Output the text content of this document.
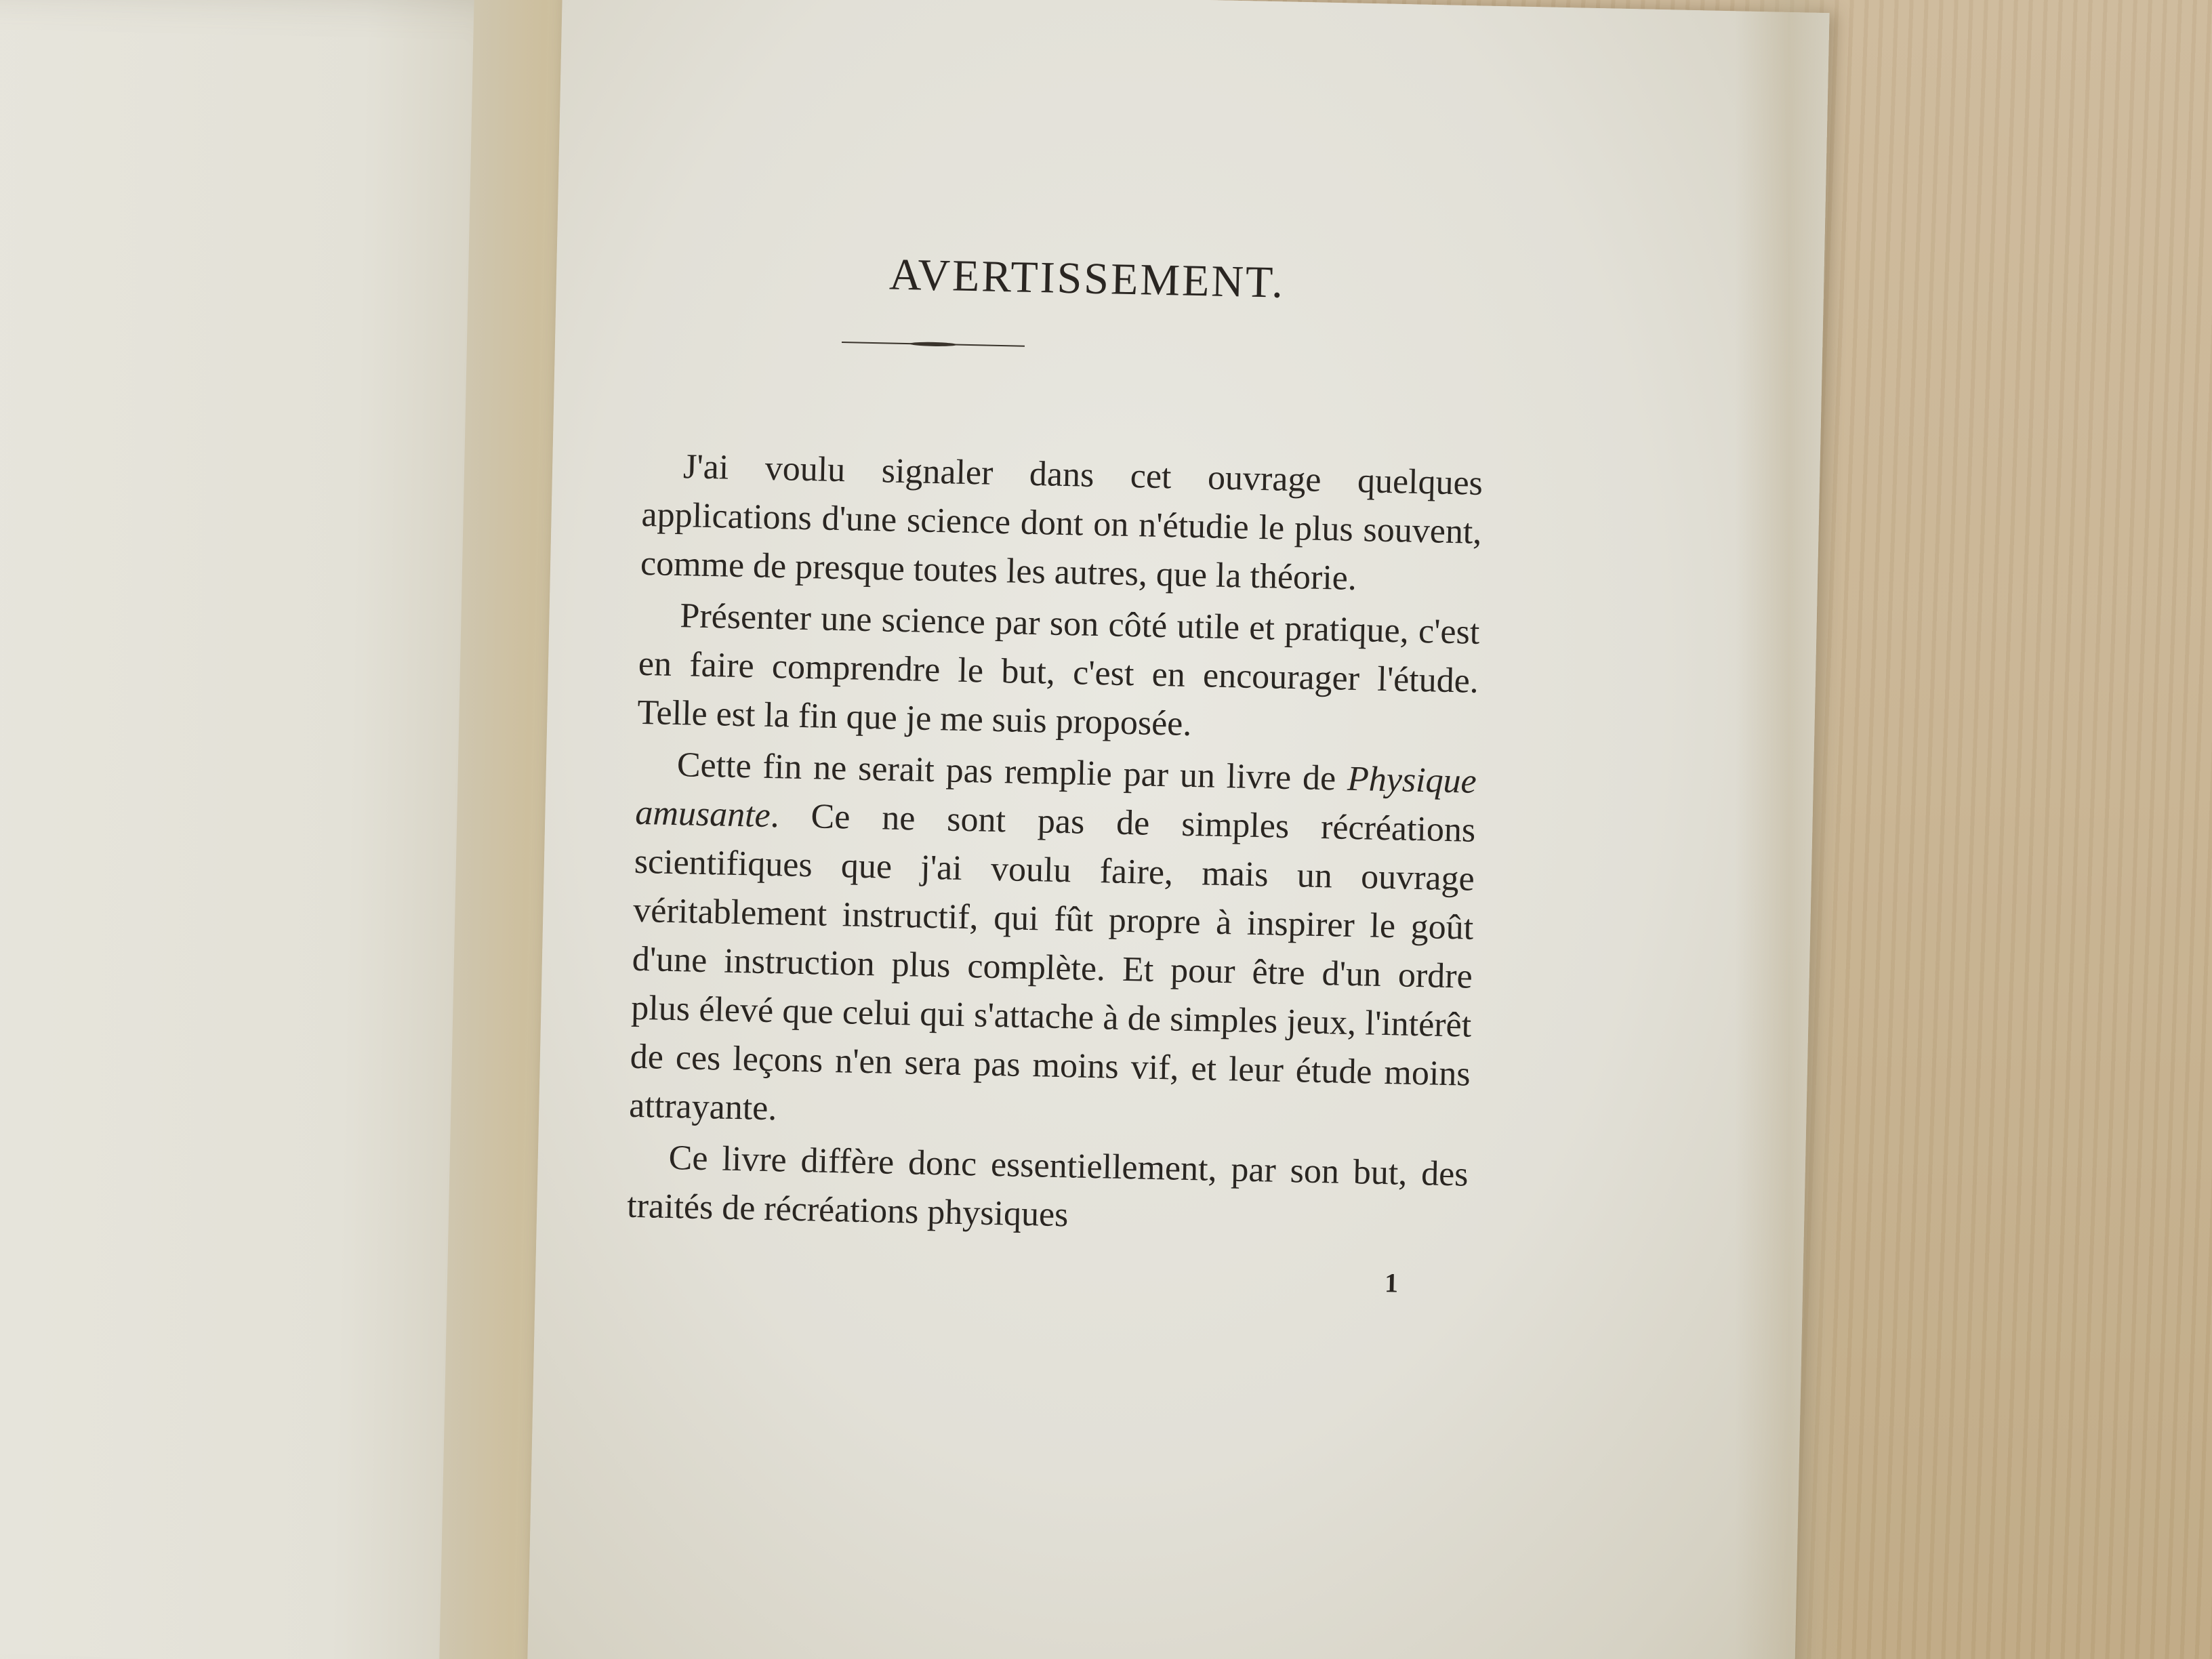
​
AVERTISSEMENT.

J'ai voulu signaler dans cet ouvrage quelques applications d'une science dont on n'étudie le plus souvent, comme de presque toutes les autres, que la théorie.

Présenter une science par son côté utile et pratique, c'est en faire comprendre le but, c'est en encourager l'étude. Telle est la fin que je me suis proposée.

Cette fin ne serait pas remplie par un livre de Physique amusante. Ce ne sont pas de simples récréations scientifiques que j'ai voulu faire, mais un ouvrage véritablement instructif, qui fût propre à inspirer le goût d'une instruction plus complète. Et pour être d'un ordre plus élevé que celui qui s'attache à de simples jeux, l'intérêt de ces leçons n'en sera pas moins vif, et leur étude moins attrayante.

Ce livre diffère donc essentiellement, par son but, des traités de récréations physiques

1
